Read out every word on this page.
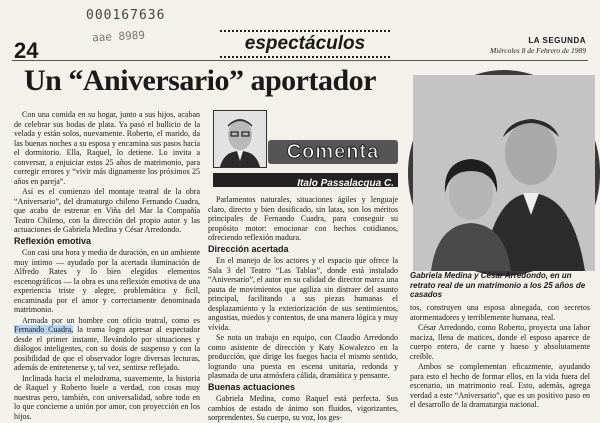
000167636
aae 8989
24	espectáculos	LA SEGUNDA
Miércoles 8 de Febrero de 1989
Un “Aniversario” aportador

Con una comida en su hogar, junto a sus hijos, acaban de celebrar sus bodas de plata. Ya pasó el bullicio de la velada y están solos, nuevamente. Roberto, el marido, da las buenas noches a su esposa y encamina sus pasos hacia el dormitorio. Ella, Raquel, lo detiene. Lo invita a conversar, a enjuiciar estos 25 años de matrimonio, para corregir errores y “vivir más dignamente los próximos 25 años en pareja”.

Así es el comienzo del montaje teatral de la obra “Aniversario”, del dramaturgo chileno Fernando Cuadra, que acaba de estrenar en Viña del Mar la Compañía Teatro Chileno, con la dirección del propio autor y las actuaciones de Gabriela Medina y César Arredondo.

Reflexión emotiva

Con casi una hora y media de duración, en un ambiente muy íntimo — ayudado por la acertada iluminación de Alfredo Rates y lo bien elegidos elementos escenográficos — la obra es una reflexión emotiva de una experiencia triste y alegre, problemática y ficil, encaminada por el amor y correctamente denominada matrimonio.

Armada por un hombre con oficio teatral, como es Fernando Cuadra, la trama logra apresar al espectador desde el primer instante, llevándolo por situaciones y diálogos inteligentes, con su dosis de suspenso y con la posibilidad de que el observador logre diversas lecturas, además de entretenerse y, tal vez, sentirse reflejado.

Inclinada hacia el melodrama, suavemente, la historia de Raquel y Roberto huele a verdad, con cosas muy nuestras pero, también, con universalidad, sobre todo en lo que concierne a unión por amor, con proyección en los hijos.

Comenta
Italo Passalacqua C.

Parlamentos naturales, situaciones ágiles y lenguaje claro, directo y bien dosificado, sin latas, son los méritos principales de Fernando Cuadra, para conseguir su propósito motor: emocionar con hechos cotidianos, ofreciendo reflexión madura.

Dirección acertada

En el manejo de los actores y el espacio que ofrece la Sala 3 del Teatro “Las Tablas”, donde está instalado “Aniversario”, el autor en su calidad de director marca una pauta de movimientos que agiliza sin distraer del asunto principal, facilitando a sus piezas humanas el desplazamiento y la exteriorización de sus sentimientos, angustias, miedos y contentos, de una manera lógica y muy vívida.

Se nota un trabajo en equipo, con Claudio Arredondo como asistente de dirección y Katy Kowalezco en la producción, que dirige los fuegos hacia el mismo sentido, logrando una puesta en escena unitaria, redonda y plasmada de una atmósfera cálida, dramática y pensante.

Buenas actuaciones

Gabriela Medina, como Raquel está perfecta. Sus cambios de estado de ánimo son fluidos, vigorizantes, sorprendentes. Su cuerpo, su voz, los ges-

Gabriela Medina y César Arredondo, en un retrato real de un matrimonio a los 25 años de casados

tos, construyen una esposa abnegada, con secretos atormentadores y terriblemente humana, real.

César Arredondo, como Roberto, proyecta una labor maciza, llena de matices, donde el esposo aparece de cuerpo entero, de carne y hueso y absolutamente creíble.

Ambos se complementan eficazmente, ayudando para esto el hecho de formar ellos, en la vida fuera del escenario, un matrimonio real. Esto, además, agrega verdad a este “Aniversario”, que es un positivo paso en el desarrollo de la dramaturgia nacional.
